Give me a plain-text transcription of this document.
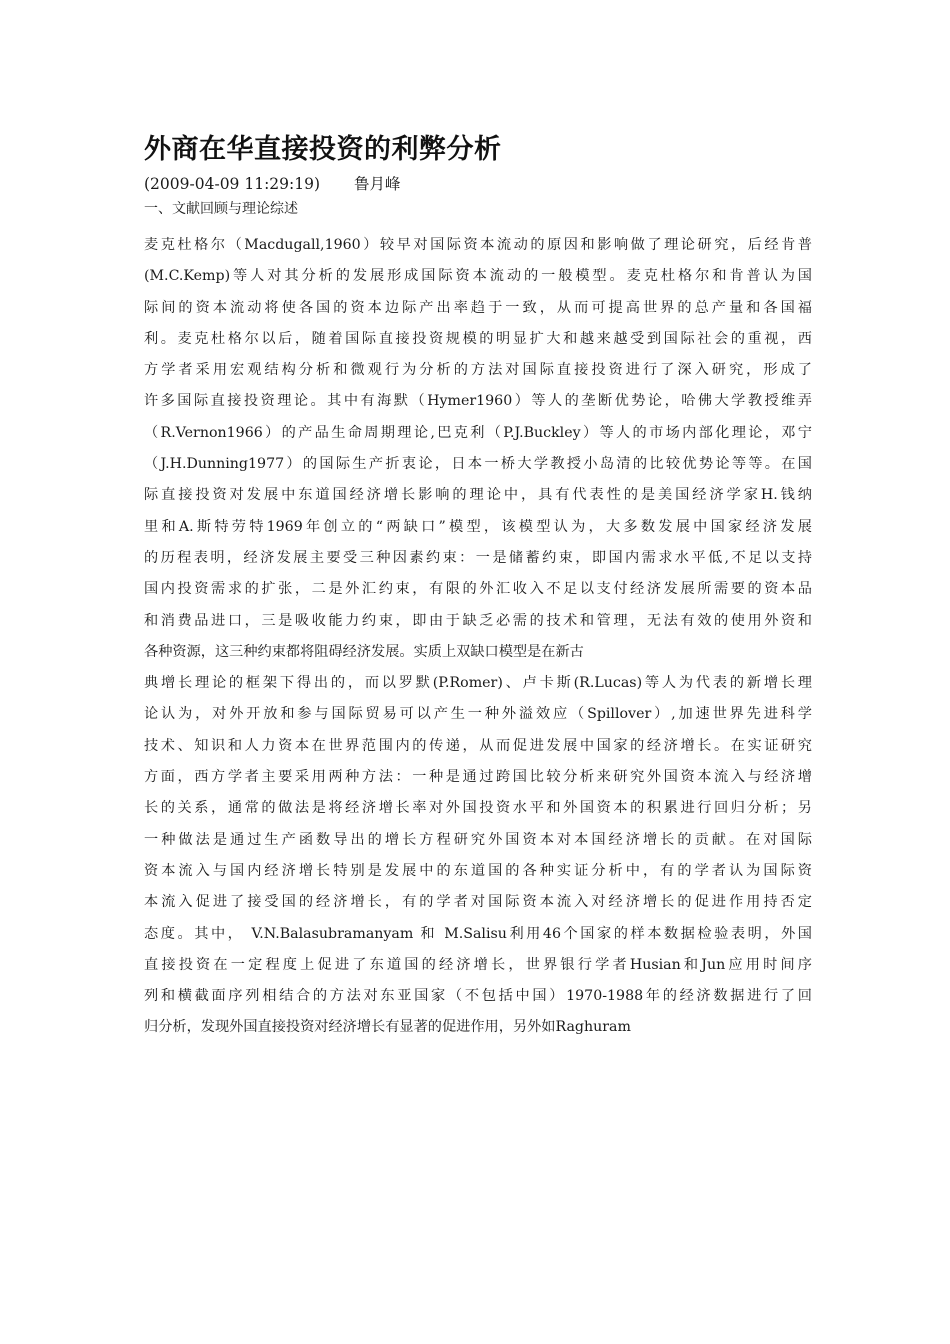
外商在华直接投资的利弊分析

(2009-04-09 11:29:19) 鲁月峰

一、文献回顾与理论综述

麦克杜格尔（Macdugall,1960）较早对国际资本流动的原因和影响做了理论研究，后经肯普
(M.C.Kemp)等人对其分析的发展形成国际资本流动的一般模型。麦克杜格尔和肯普认为国
际间的资本流动将使各国的资本边际产出率趋于一致，从而可提高世界的总产量和各国福
利。麦克杜格尔以后，随着国际直接投资规模的明显扩大和越来越受到国际社会的重视，西
方学者采用宏观结构分析和微观行为分析的方法对国际直接投资进行了深入研究，形成了
许多国际直接投资理论。其中有海默（Hymer1960）等人的垄断优势论，哈佛大学教授维弄
（R.Vernon1966）的产品生命周期理论,巴克利（P.J.Buckley）等人的市场内部化理论，邓宁
（J.H.Dunning1977）的国际生产折衷论，日本一桥大学教授小岛清的比较优势论等等。在国
际直接投资对发展中东道国经济增长影响的理论中，具有代表性的是美国经济学家H.钱纳
里和A.斯特劳特1969年创立的“两缺口”模型，该模型认为，大多数发展中国家经济发展
的历程表明，经济发展主要受三种因素约束：一是储蓄约束，即国内需求水平低,不足以支持
国内投资需求的扩张，二是外汇约束，有限的外汇收入不足以支付经济发展所需要的资本品
和消费品进口，三是吸收能力约束，即由于缺乏必需的技术和管理，无法有效的使用外资和
各种资源，这三种约束都将阻碍经济发展。实质上双缺口模型是在新古

典增长理论的框架下得出的，而以罗默(P.Romer)、卢卡斯(R.Lucas)等人为代表的新增长理
论认为，对外开放和参与国际贸易可以产生一种外溢效应（Spillover）,加速世界先进科学
技术、知识和人力资本在世界范围内的传递，从而促进发展中国家的经济增长。在实证研究
方面，西方学者主要采用两种方法：一种是通过跨国比较分析来研究外国资本流入与经济增
长的关系，通常的做法是将经济增长率对外国投资水平和外国资本的积累进行回归分析；另
一种做法是通过生产函数导出的增长方程研究外国资本对本国经济增长的贡献。在对国际
资本流入与国内经济增长特别是发展中的东道国的各种实证分析中，有的学者认为国际资
本流入促进了接受国的经济增长，有的学者对国际资本流入对经济增长的促进作用持否定
态度。其中， V.N.Balasubramanyam 和 M.Salisu利用46个国家的样本数据检验表明，外国
直接投资在一定程度上促进了东道国的经济增长，世界银行学者Husian和Jun应用时间序
列和横截面序列相结合的方法对东亚国家（不包括中国）1970-1988年的经济数据进行了回
归分析，发现外国直接投资对经济增长有显著的促进作用，另外如Raghuram
